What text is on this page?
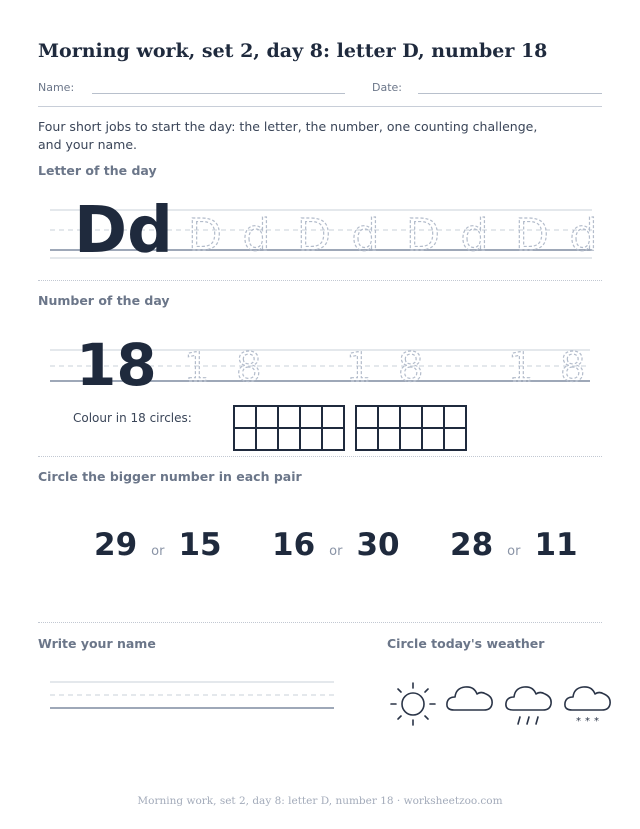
Morning work, set 2, day 8: letter D, number 18
Name:	Date:
Four short jobs to start the day: the letter, the number, one counting challenge, and your name.
Letter of the day
Dd D d D d D d D d
Number of the day
18 1 8 1 8 1 8
Colour in 18 circles:
Circle the bigger number in each pair
29 or 15 16 or 30 28 or 11
Write your name	Circle today's weather
* * *
Morning work, set 2, day 8: letter D, number 18 · worksheetzoo.com
